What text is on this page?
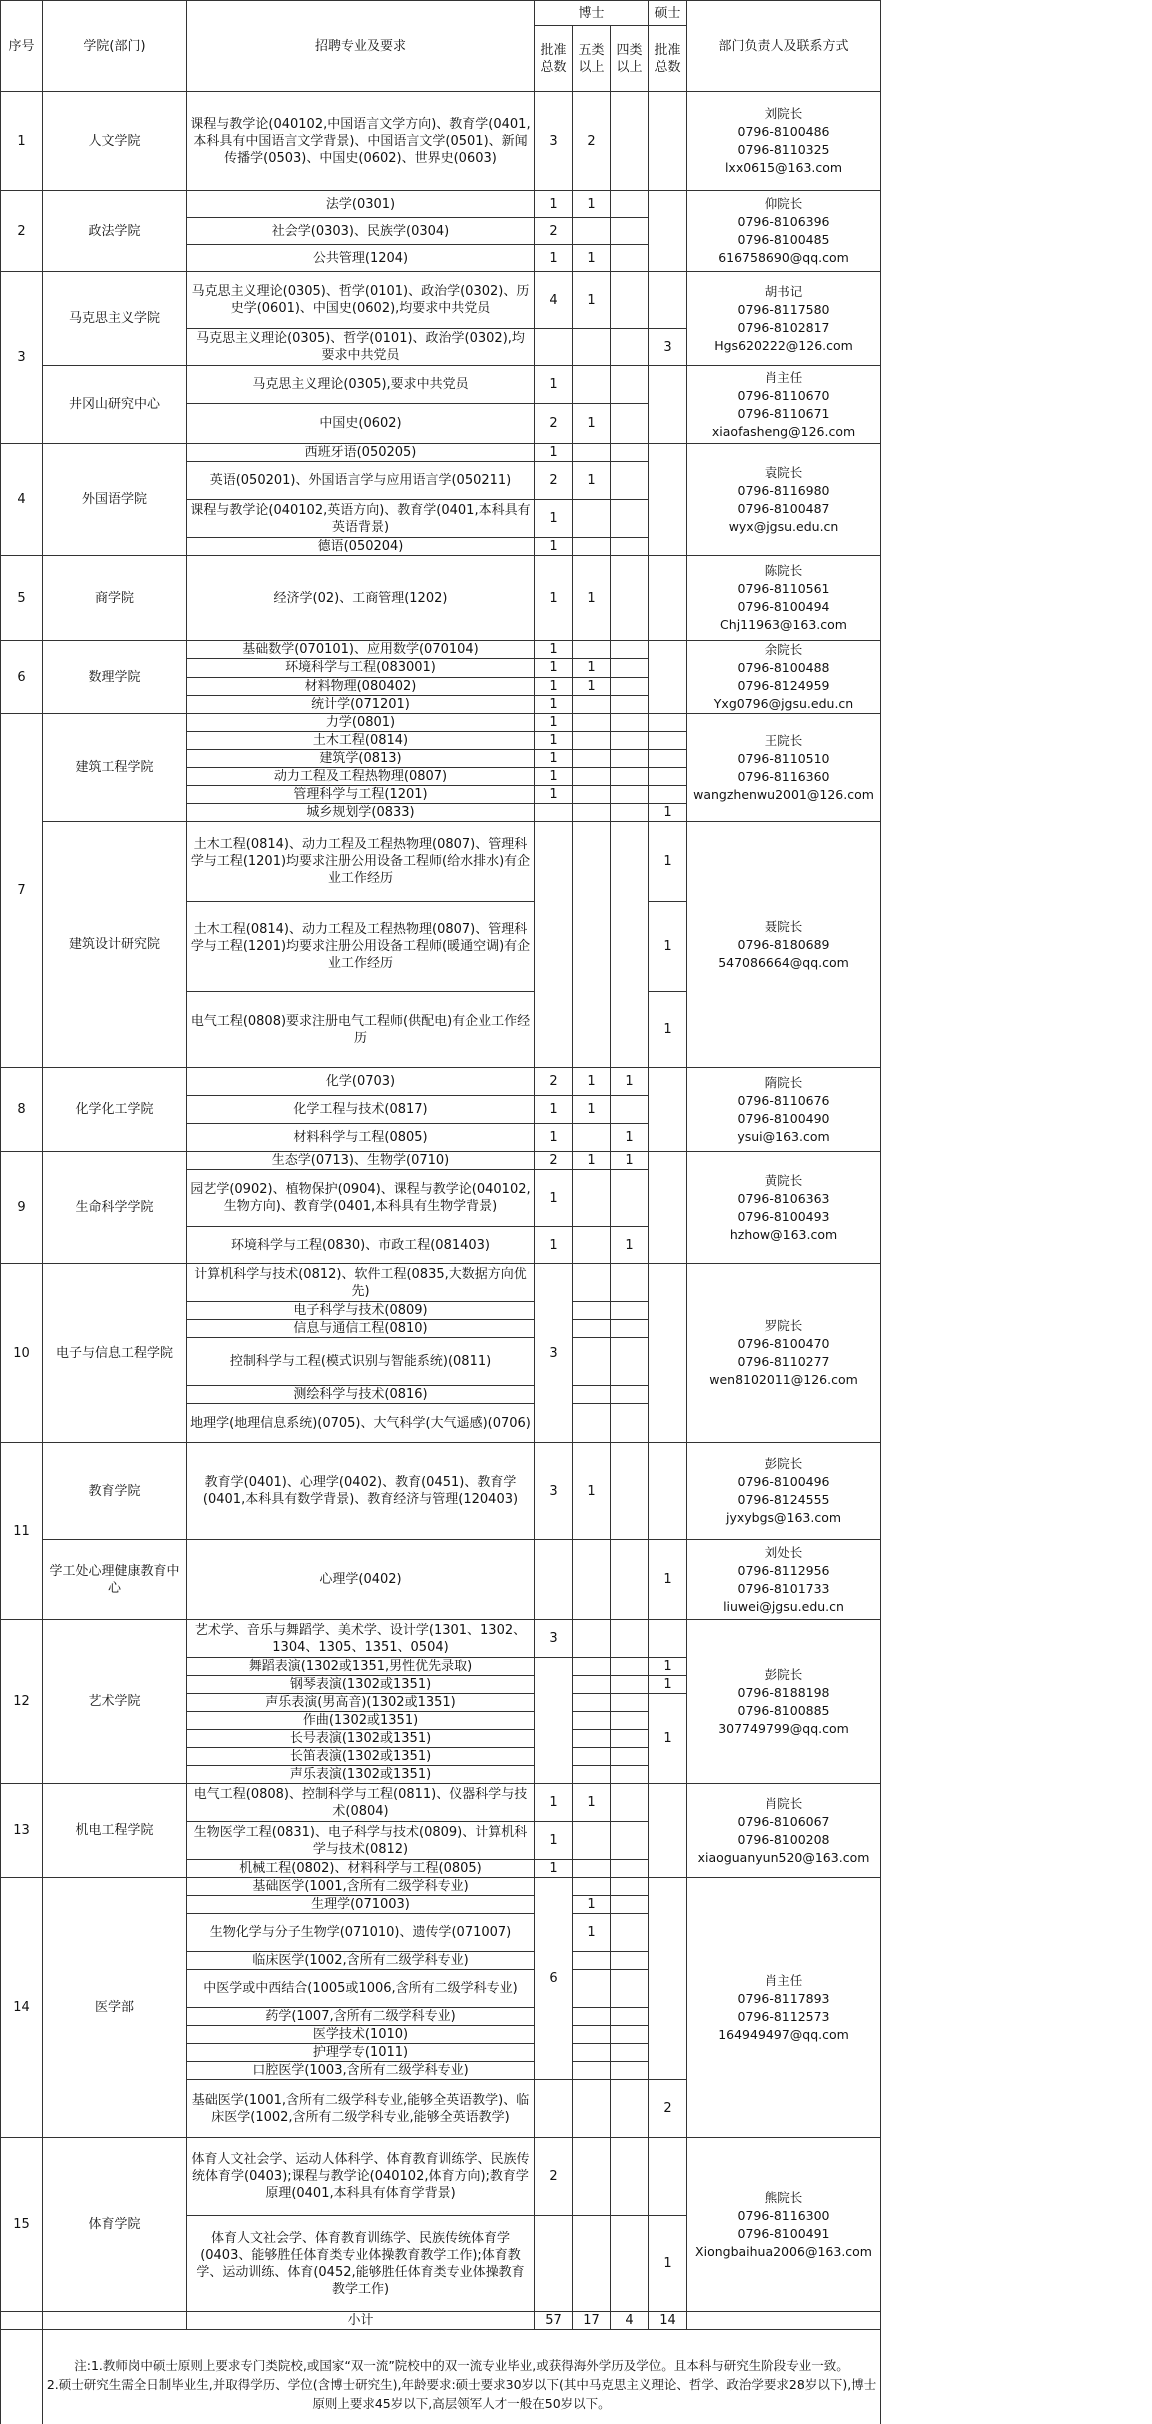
序号	学院(部门)	招聘专业及要求	博士			硕士	部门负责人及联系方式
			批准总数	五类以上	四类以上	批准总数	
1	人文学院	课程与教学论(040102,中国语言文学方向)、教育学(0401,本科具有中国语言文学背景)、中国语言文学(0501)、新闻传播学(0503)、中国史(0602)、世界史(0603)	3	2			刘院长
0796-8100486
0796-8110325
lxx0615@163.com

2	政法学院	法学(0301)	1	1			仰院长
0796-8106396
0796-8100485
616758690@qq.com

		社会学(0303)、民族学(0304)	2				
		公共管理(1204)	1	1			
3	马克思主义学院	马克思主义理论(0305)、哲学(0101)、政治学(0302)、历史学(0601)、中国史(0602),均要求中共党员	4	1			胡书记
0796-8117580
0796-8102817
Hgs620222@126.com

		马克思主义理论(0305)、哲学(0101)、政治学(0302),均要求中共党员				3	
	井冈山研究中心	马克思主义理论(0305),要求中共党员	1				肖主任
0796-8110670
0796-8110671
xiaofasheng@126.com

		中国史(0602)	2	1			
4	外国语学院	西班牙语(050205)	1				袁院长
0796-8116980
0796-8100487
wyx@jgsu.edu.cn

		英语(050201)、外国语言学与应用语言学(050211)	2	1			
		课程与教学论(040102,英语方向)、教育学(0401,本科具有英语背景)	1				
		德语(050204)	1				
5	商学院	经济学(02)、工商管理(1202)	1	1			陈院长
0796-8110561
0796-8100494
Chj11963@163.com

6	数理学院	基础数学(070101)、应用数学(070104)	1				余院长
0796-8100488
0796-8124959
Yxg0796@jgsu.edu.cn

		环境科学与工程(083001)	1	1			
		材料物理(080402)	1	1			
		统计学(071201)	1				
7	建筑工程学院	力学(0801)	1				王院长
0796-8110510
0796-8116360
wangzhenwu2001@126.com

		土木工程(0814)	1				
		建筑学(0813)	1				
		动力工程及工程热物理(0807)	1				
		管理科学与工程(1201)	1				
		城乡规划学(0833)				1	
	建筑设计研究院	土木工程(0814)、动力工程及工程热物理(0807)、管理科学与工程(1201)均要求注册公用设备工程师(给水排水)有企业工作经历				1	聂院长
0796-8180689
547086664@qq.com

		土木工程(0814)、动力工程及工程热物理(0807)、管理科学与工程(1201)均要求注册公用设备工程师(暖通空调)有企业工作经历				1	
		电气工程(0808)要求注册电气工程师(供配电)有企业工作经历				1	
8	化学化工学院	化学(0703)	2	1	1		隋院长
0796-8110676
0796-8100490
ysui@163.com

		化学工程与技术(0817)	1	1			
		材料科学与工程(0805)	1		1		
9	生命科学学院	生态学(0713)、生物学(0710)	2	1	1		黄院长
0796-8106363
0796-8100493
hzhow@163.com

		园艺学(0902)、植物保护(0904)、课程与教学论(040102,生物方向)、教育学(0401,本科具有生物学背景)	1				
		环境科学与工程(0830)、市政工程(081403)	1		1		
10	电子与信息工程学院	计算机科学与技术(0812)、软件工程(0835,大数据方向优先)	3				罗院长
0796-8100470
0796-8110277
wen8102011@126.com

		电子科学与技术(0809)					
		信息与通信工程(0810)					
		控制科学与工程(模式识别与智能系统)(0811)					
		测绘科学与技术(0816)					
		地理学(地理信息系统)(0705)、大气科学(大气遥感)(0706)					
11	教育学院	教育学(0401)、心理学(0402)、教育(0451)、教育学(0401,本科具有数学背景)、教育经济与管理(120403)	3	1			彭院长
0796-8100496
0796-8124555
jyxybgs@163.com

	学工处心理健康教育中心	心理学(0402)				1	刘处长
0796-8112956
0796-8101733
liuwei@jgsu.edu.cn

12	艺术学院	艺术学、音乐与舞蹈学、美术学、设计学(1301、1302、1304、1305、1351、0504)	3				彭院长
0796-8188198
0796-8100885
307749799@qq.com

		舞蹈表演(1302或1351,男性优先录取)				1	
		钢琴表演(1302或1351)				1	
		声乐表演(男高音)(1302或1351)				1	
		作曲(1302或1351)					
		长号表演(1302或1351)					
		长笛表演(1302或1351)					
		声乐表演(1302或1351)					
13	机电工程学院	电气工程(0808)、控制科学与工程(0811)、仪器科学与技术(0804)	1	1			肖院长
0796-8106067
0796-8100208
xiaoguanyun520@163.com

		生物医学工程(0831)、电子科学与技术(0809)、计算机科学与技术(0812)	1				
		机械工程(0802)、材料科学与工程(0805)	1				
14	医学部	基础医学(1001,含所有二级学科专业)	6				肖主任
0796-8117893
0796-8112573
164949497@qq.com

		生理学(071003)		1			
		生物化学与分子生物学(071010)、遗传学(071007)		1			
		临床医学(1002,含所有二级学科专业)					
		中医学或中西结合(1005或1006,含所有二级学科专业)					
		药学(1007,含所有二级学科专业)					
		医学技术(1010)					
		护理学专(1011)					
		口腔医学(1003,含所有二级学科专业)					
		基础医学(1001,含所有二级学科专业,能够全英语教学)、临床医学(1002,含所有二级学科专业,能够全英语教学)				2	
15	体育学院	体育人文社会学、运动人体科学、体育教育训练学、民族传统体育学(0403);课程与教学论(040102,体育方向);教育学原理(0401,本科具有体育学背景)	2				熊院长
0796-8116300
0796-8100491
Xiongbaihua2006@163.com

		体育人文社会学、体育教育训练学、民族传统体育学(0403、能够胜任体育类专业体操教育教学工作);体育教学、运动训练、体育(0452,能够胜任体育类专业体操教育教学工作)				1	
		小计	57	17	4	14	

	注:1.教师岗中硕士原则上要求专门类院校,或国家“双一流”院校中的双一流专业毕业,或获得海外学历及学位。且本科与研究生阶段专业一致。
2.硕士研究生需全日制毕业生,并取得学历、学位(含博士研究生),年龄要求:硕士要求30岁以下(其中马克思主义理论、哲学、政治学要求28岁以下),博士原则上要求45岁以下,高层领军人才一般在50岁以下。						
